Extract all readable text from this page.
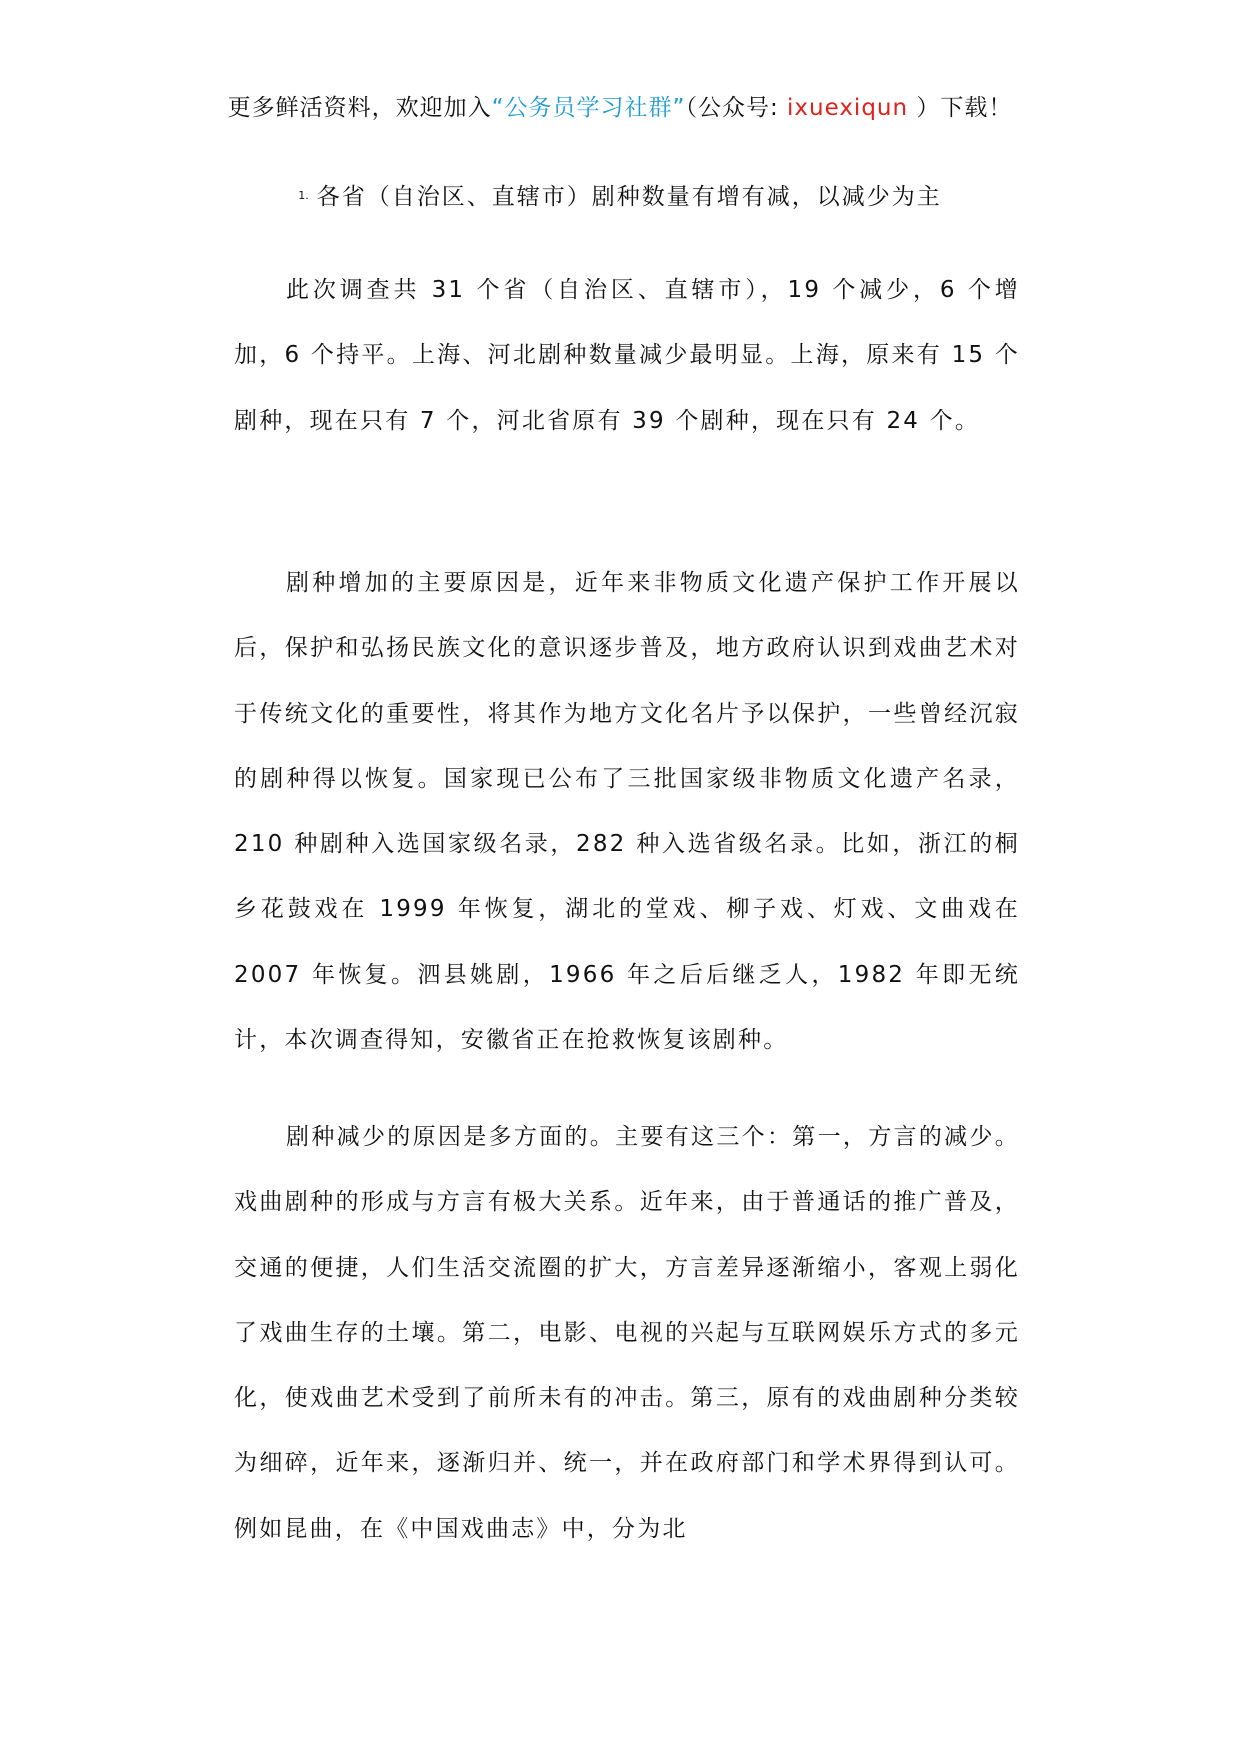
更多鲜活资料，欢迎加入“公务员学习社群”（公众号: ixuexiqun ）下载！
$^{1.}$ 各省（自治区、直辖市）剧种数量有增有减，以减少为主

此次调查共 31 个省（自治区、直辖市），19 个减少，6 个增加，6 个持平。上海、河北剧种数量减少最明显。上海，原来有 15 个剧种，现在只有 7 个，河北省原有 39 个剧种，现在只有 24 个。

剧种增加的主要原因是，近年来非物质文化遗产保护工作开展以后，保护和弘扬民族文化的意识逐步普及，地方政府认识到戏曲艺术对于传统文化的重要性，将其作为地方文化名片予以保护，一些曾经沉寂的剧种得以恢复。国家现已公布了三批国家级非物质文化遗产名录，210 种剧种入选国家级名录，282 种入选省级名录。比如，浙江的桐乡花鼓戏在 1999 年恢复，湖北的堂戏、柳子戏、灯戏、文曲戏在 2007 年恢复。泗县姚剧，1966 年之后后继乏人，1982 年即无统计，本次调查得知，安徽省正在抢救恢复该剧种。

剧种减少的原因是多方面的。主要有这三个：第一，方言的减少。戏曲剧种的形成与方言有极大关系。近年来，由于普通话的推广普及，交通的便捷，人们生活交流圈的扩大，方言差异逐渐缩小，客观上弱化了戏曲生存的土壤。第二，电影、电视的兴起与互联网娱乐方式的多元化，使戏曲艺术受到了前所未有的冲击。第三，原有的戏曲剧种分类较为细碎，近年来，逐渐归并、统一，并在政府部门和学术界得到认可。例如昆曲，在《中国戏曲志》中，分为北
